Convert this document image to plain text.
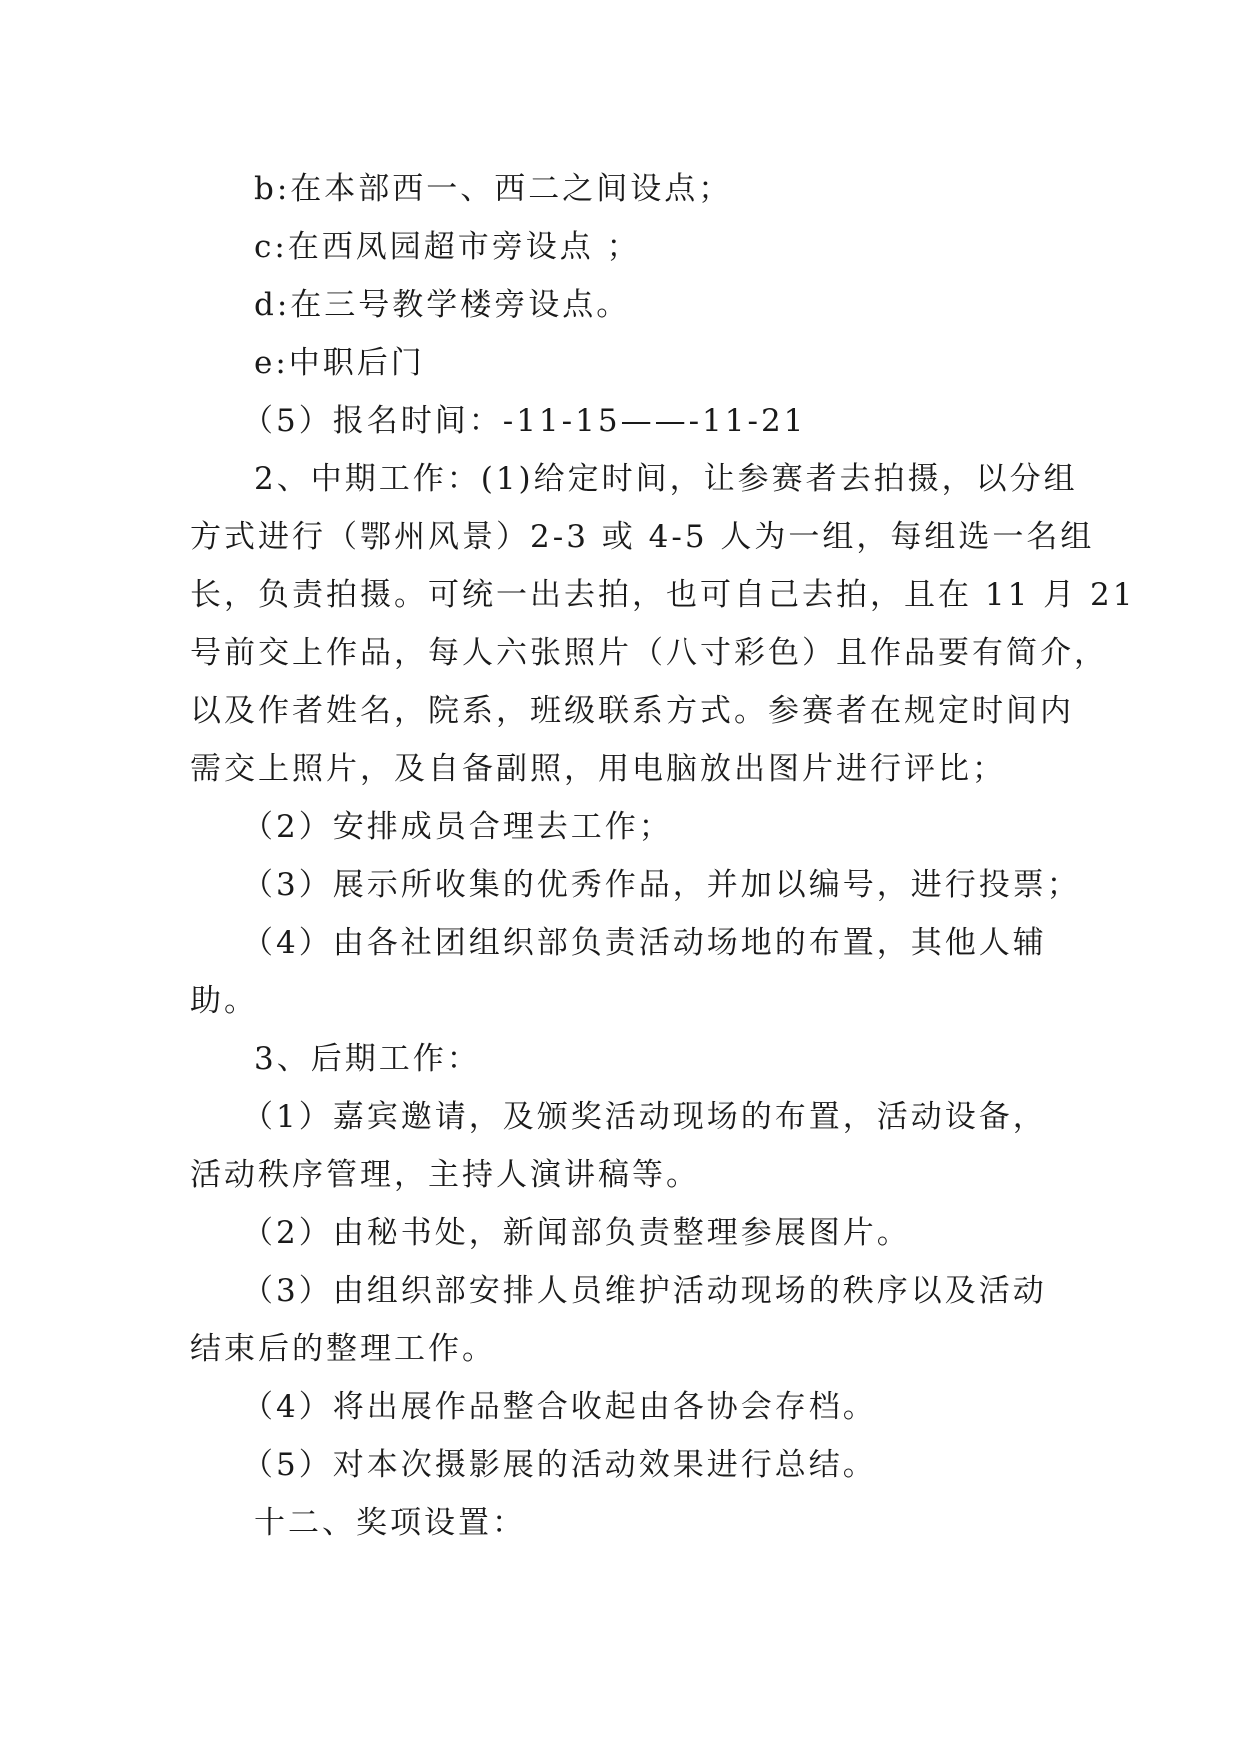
b:在本部西一、西二之间设点；
c:在西凤园超市旁设点 ；
d:在三号教学楼旁设点。
e:中职后门
（5）报名时间：-11-15——-11-21
2、中期工作：(1)给定时间，让参赛者去拍摄，以分组
方式进行（鄂州风景）2-3 或 4-5 人为一组，每组选一名组
长，负责拍摄。可统一出去拍，也可自己去拍，且在 11 月 21
号前交上作品，每人六张照片（八寸彩色）且作品要有简介，
以及作者姓名，院系，班级联系方式。参赛者在规定时间内
需交上照片，及自备副照，用电脑放出图片进行评比；
（2）安排成员合理去工作；
（3）展示所收集的优秀作品，并加以编号，进行投票；
（4）由各社团组织部负责活动场地的布置，其他人辅
助。
3、后期工作：
（1）嘉宾邀请，及颁奖活动现场的布置，活动设备，
活动秩序管理，主持人演讲稿等。
（2）由秘书处，新闻部负责整理参展图片。
（3）由组织部安排人员维护活动现场的秩序以及活动
结束后的整理工作。
（4）将出展作品整合收起由各协会存档。
（5）对本次摄影展的活动效果进行总结。
十二、奖项设置：
